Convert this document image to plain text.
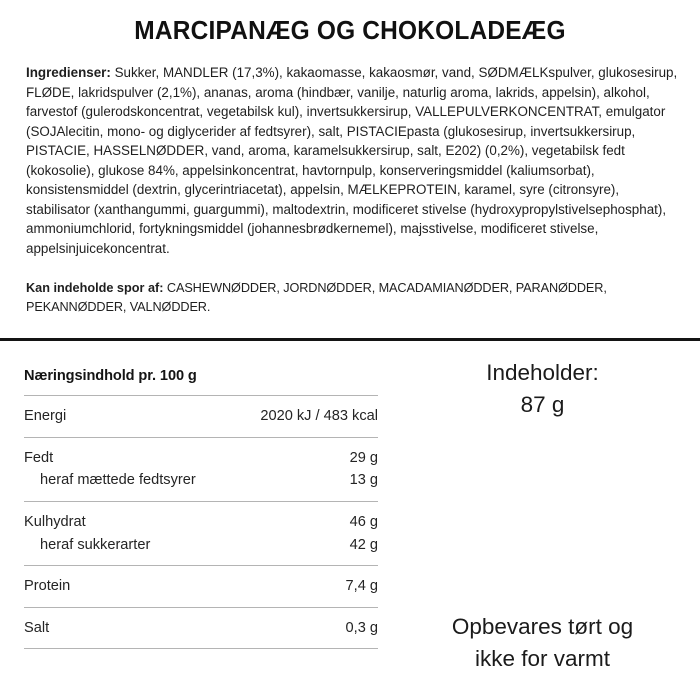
MARCIPANÆG OG CHOKOLADEÆG

Ingredienser: Sukker, MANDLER (17,3%), kakaomasse, kakaosmør, vand, SØDMÆLKspulver, glukosesirup, FLØDE, lakridspulver (2,1%), ananas, aroma (hindbær, vanilje, naturlig aroma, lakrids, appelsin), alkohol, farvestof (gulerodskoncentrat, vegetabilsk kul), invertsukkersirup, VALLEPULVERKONCENTRAT, emulgator (SOJAlecitin, mono- og diglycerider af fedtsyrer), salt, PISTACIEpasta (glukosesirup, invertsukkersirup, PISTACIE, HASSELNØDDER, vand, aroma, karamelsukkersirup, salt, E202) (0,2%), vegetabilsk fedt (kokosolie), glukose 84%, appelsinkoncentrat, havtornpulp, konserveringsmiddel (kaliumsorbat), konsistensmiddel (dextrin, glycerintriacetat), appelsin, MÆLKEPROTEIN, karamel, syre (citronsyre), stabilisator (xanthangummi, guargummi), maltodextrin, modificeret stivelse (hydroxypropylstivelsephosphat), ammoniumchlorid, fortykningsmiddel (johannesbrødkernemel), majsstivelse, modificeret stivelse, appelsinjuicekoncentrat.

Kan indeholde spor af: CASHEWNØDDER, JORDNØDDER, MACADAMIANØDDER, PARANØDDER, PEKANNØDDER, VALNØDDER.

Næringsindhold pr. 100 g
Energi	2020 kJ / 483 kcal

Fedt 29 g
heraf mættede fedtsyrer 13 g	

Kulhydrat 46 g
heraf sukkerarter 42 g	

Protein	7,4 g
Salt	0,3 g
Indeholder:
87 g
Opbevares tørt og
ikke for varmt
